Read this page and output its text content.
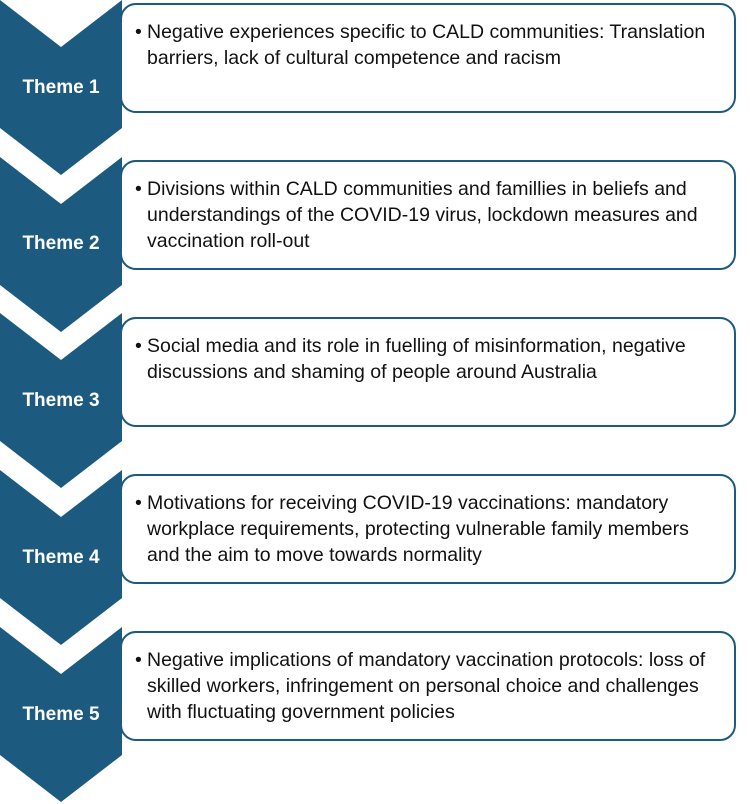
Theme 1
• Negative experiences specific to CALD communities: Translation barriers, lack of cultural competence and racism
Theme 2
• Divisions within CALD communities and famillies in beliefs and understandings of the COVID-19 virus, lockdown measures and vaccination roll-out
Theme 3
• Social media and its role in fuelling of misinformation, negative discussions and shaming of people around Australia
Theme 4
• Motivations for receiving COVID-19 vaccinations: mandatory workplace requirements, protecting vulnerable family members and the aim to move towards normality
Theme 5
• Negative implications of mandatory vaccination protocols: loss of skilled workers, infringement on personal choice and challenges with fluctuating government policies
